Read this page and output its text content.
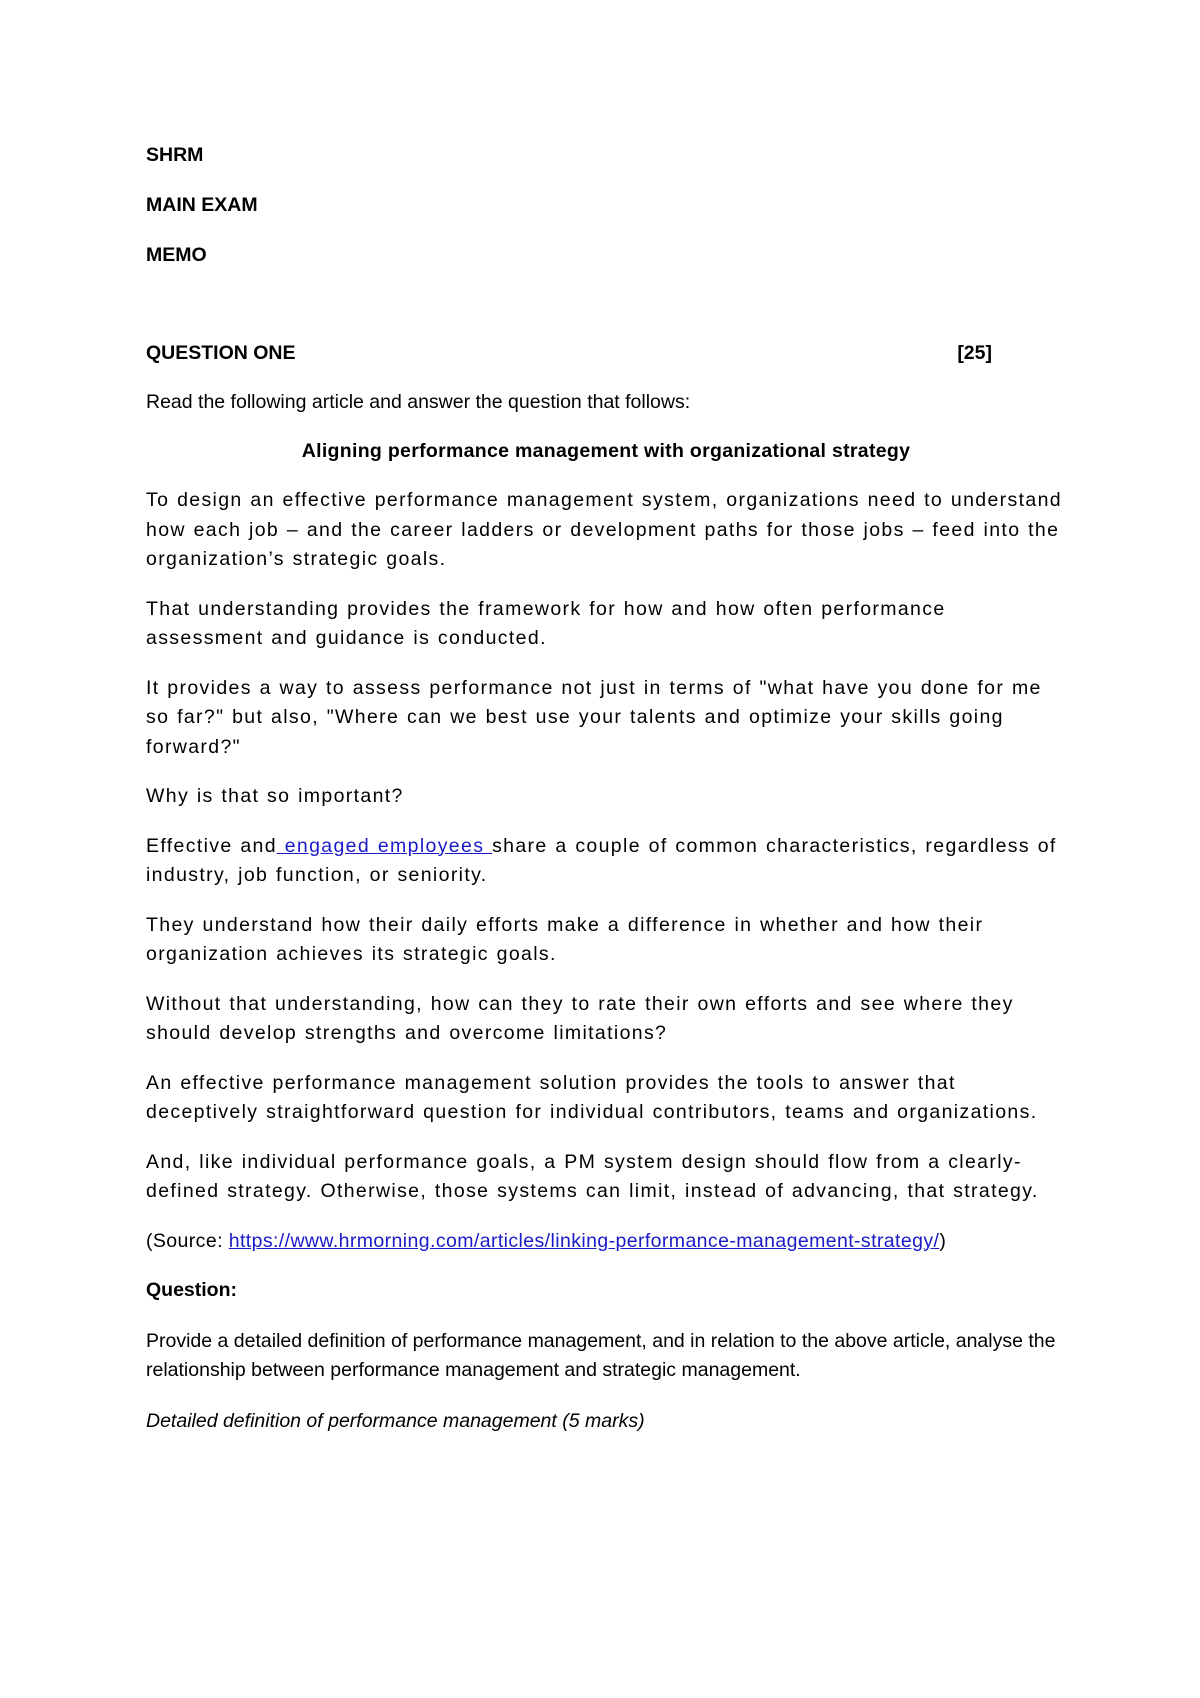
SHRM

MAIN EXAM

MEMO

QUESTION ONE	[25]

Read the following article and answer the question that follows:

Aligning performance management with organizational strategy

To design an effective performance management system, organizations need to understand how each job – and the career ladders or development paths for those jobs – feed into the organization’s strategic goals.

That understanding provides the framework for how and how often performance assessment and guidance is conducted.

It provides a way to assess performance not just in terms of "what have you done for me so far?" but also, "Where can we best use your talents and optimize your skills going forward?"

Why is that so important?

Effective and engaged employees share a couple of common characteristics, regardless of industry, job function, or seniority.

They understand how their daily efforts make a difference in whether and how their organization achieves its strategic goals.

Without that understanding, how can they to rate their own efforts and see where they should develop strengths and overcome limitations?

An effective performance management solution provides the tools to answer that deceptively straightforward question for individual contributors, teams and organizations.

And, like individual performance goals, a PM system design should flow from a clearly-defined strategy. Otherwise, those systems can limit, instead of advancing, that strategy.

(Source: https://www.hrmorning.com/articles/linking-performance-management-strategy/)

Question:

Provide a detailed definition of performance management, and in relation to the above article, analyse the relationship between performance management and strategic management.

Detailed definition of performance management (5 marks)
